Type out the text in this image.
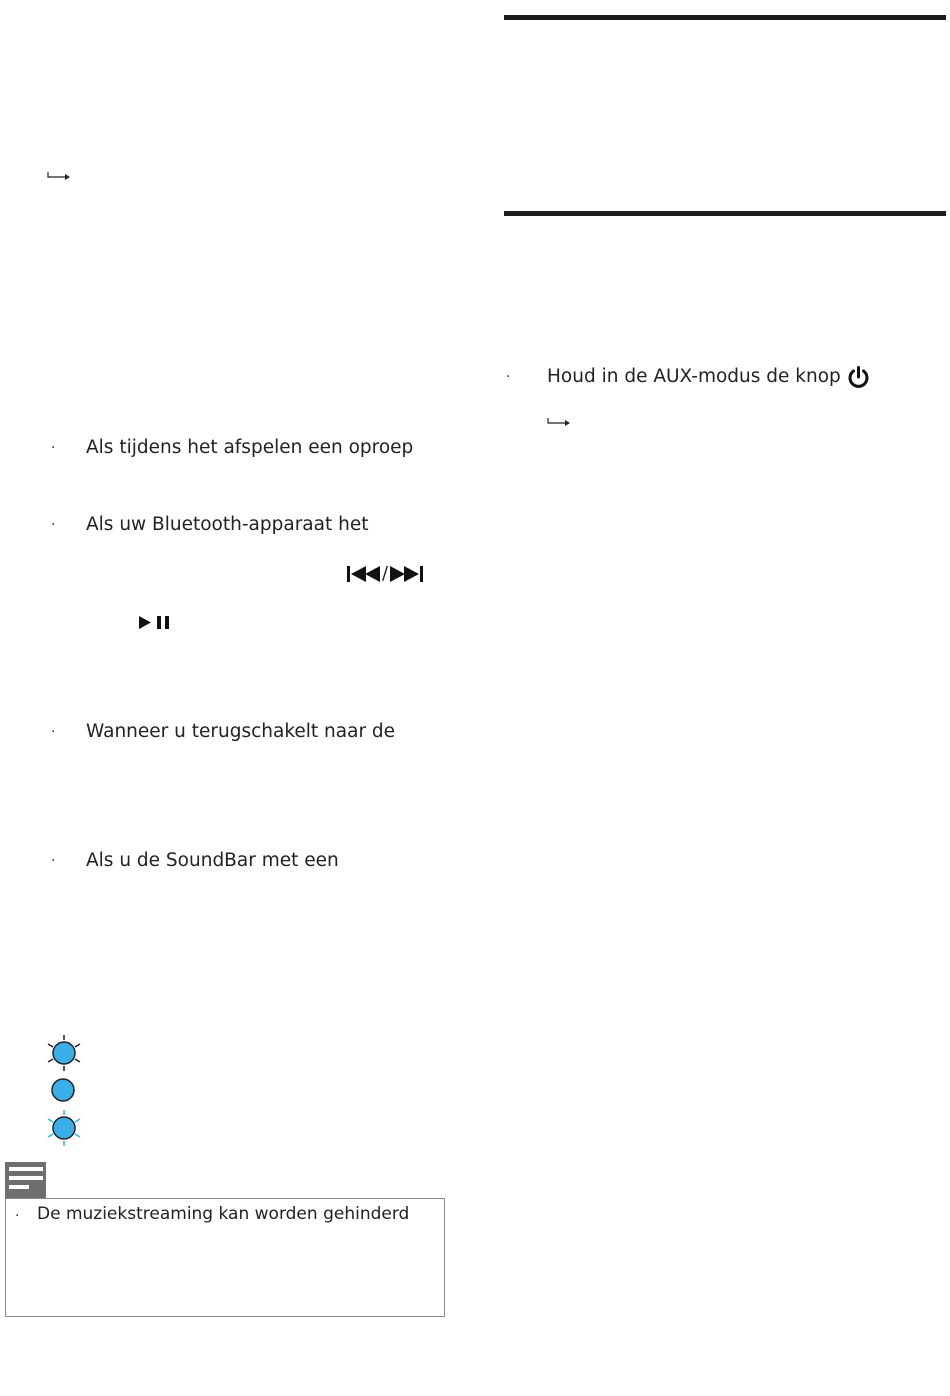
· Als tijdens het afspelen een oproep
· Als uw Bluetooth-apparaat het
/
· Wanneer u terugschakelt naar de
· Als u de SoundBar met een
· De muziekstreaming kan worden gehinderd
· Houd in de AUX-modus de knop
